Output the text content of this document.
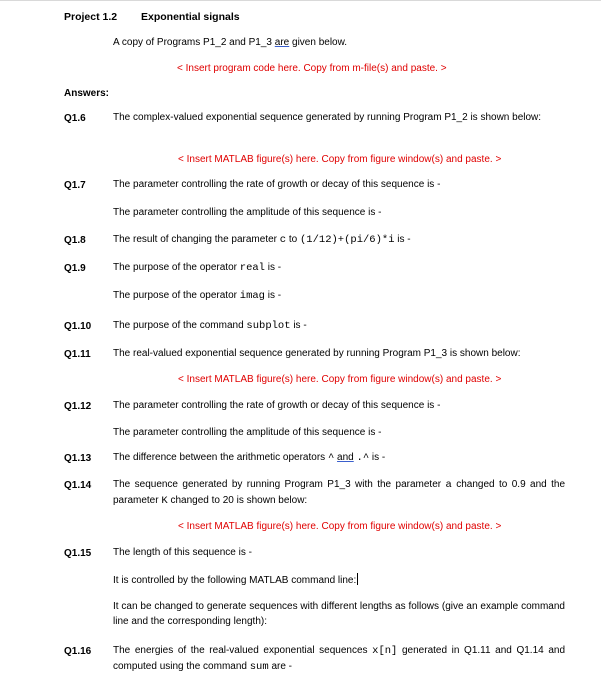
Project 1.2 Exponential signals
A copy of Programs P1_2 and P1_3 are given below.
< Insert program code here. Copy from m-file(s) and paste. >
Answers:
Q1.6	The complex-valued exponential sequence generated by running Program P1_2 is shown below:
< Insert MATLAB figure(s) here. Copy from figure window(s) and paste. >
Q1.7	The parameter controlling the rate of growth or decay of this sequence is -
The parameter controlling the amplitude of this sequence is -
Q1.8	The result of changing the parameter c to (1/12)+(pi/6)*i is -
Q1.9	The purpose of the operator real is -
The purpose of the operator imag is -
Q1.10 The purpose of the command subplot is -
Q1.11 The real-valued exponential sequence generated by running Program P1_3 is shown below:
< Insert MATLAB figure(s) here. Copy from figure window(s) and paste. >
Q1.12 The parameter controlling the rate of growth or decay of this sequence is -
The parameter controlling the amplitude of this sequence is -
Q1.13 The difference between the arithmetic operators ^ and .^ is -
Q1.14 The sequence generated by running Program P1_3 with the parameter a changed to 0.9 and the parameter K changed to 20 is shown below:
< Insert MATLAB figure(s) here. Copy from figure window(s) and paste. >
Q1.15 The length of this sequence is -
It is controlled by the following MATLAB command line:
It can be changed to generate sequences with different lengths as follows (give an example command line and the corresponding length):
Q1.16 The energies of the real-valued exponential sequences x[n] generated in Q1.11 and Q1.14 and computed using the command sum are -
